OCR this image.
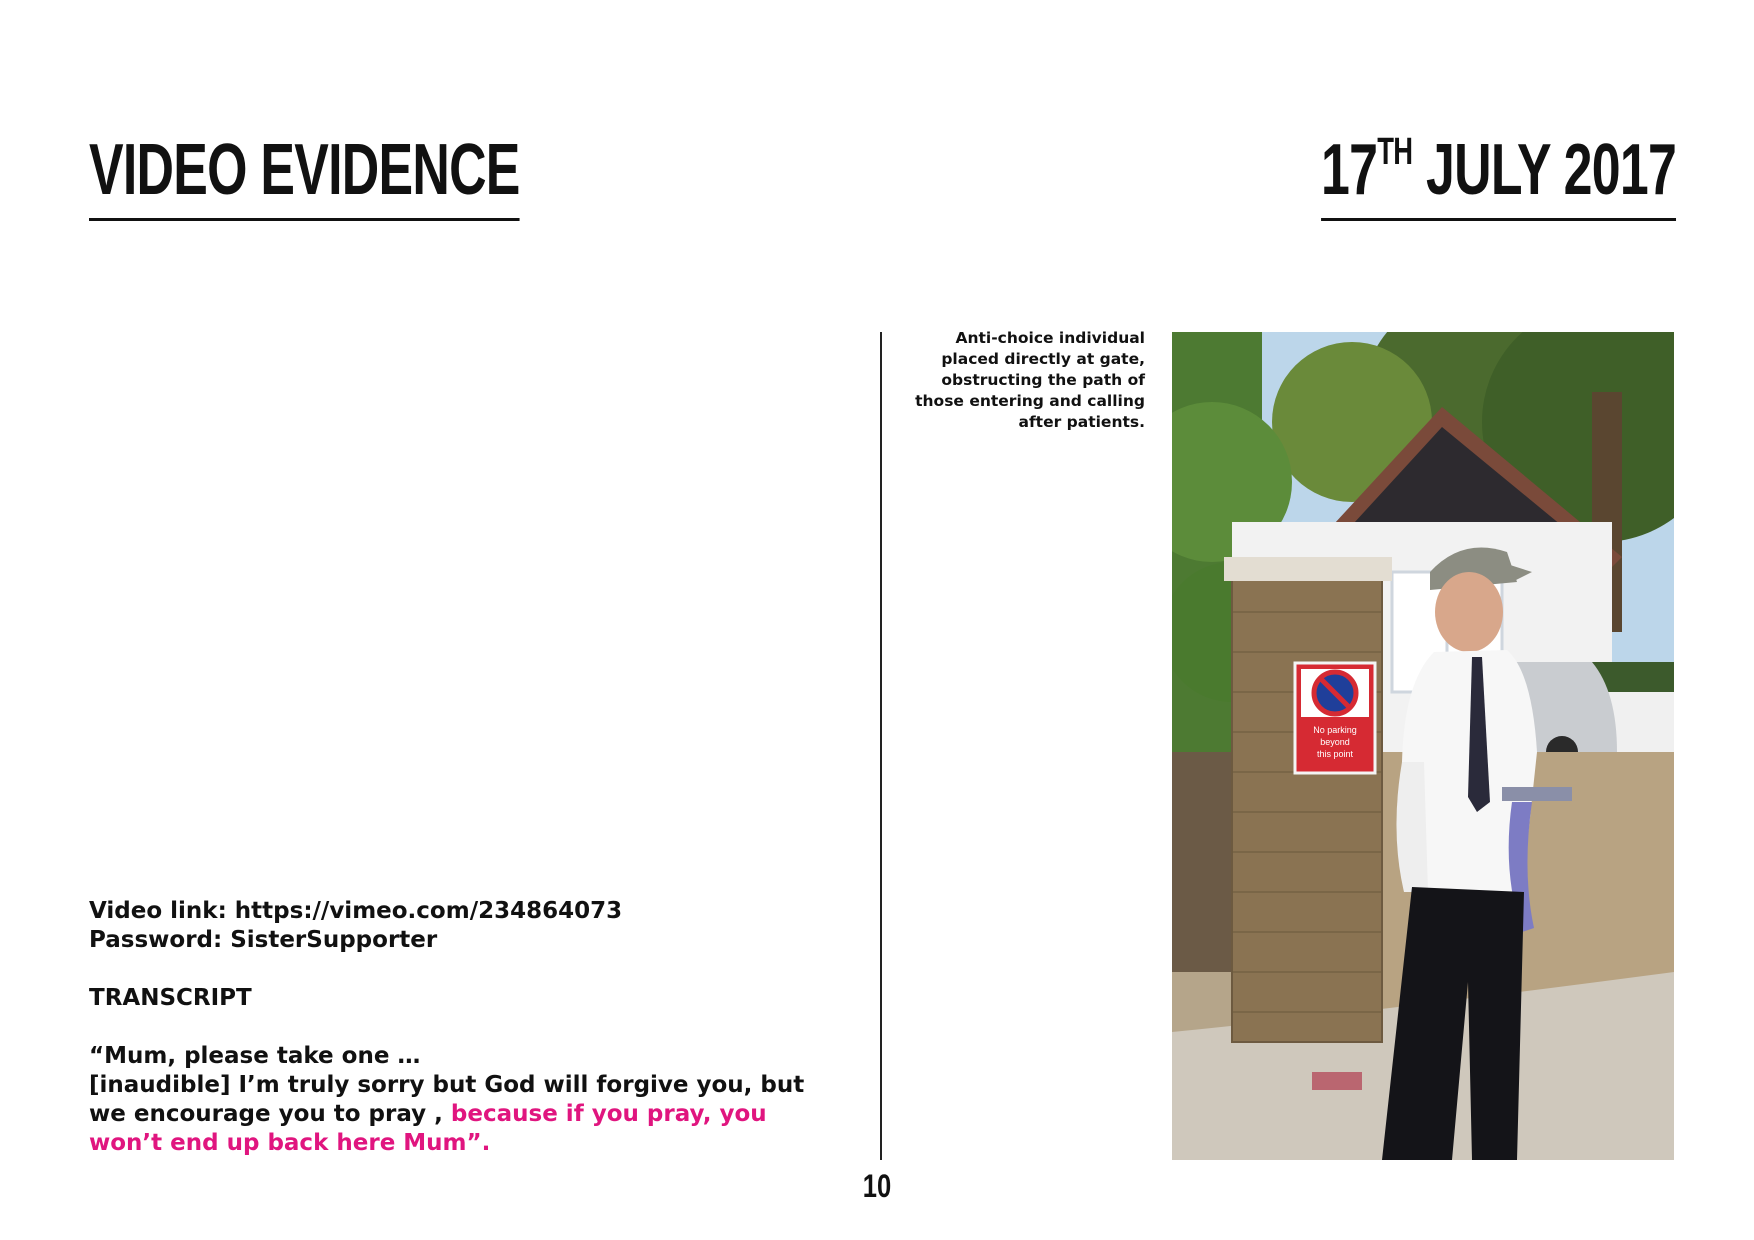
VIDEO EVIDENCE	17TH JULY 2017
Anti-choice individual placed directly at gate, obstructing the path of those entering and calling after patients.
No parking
beyond
this point

Video link: https://vimeo.com/234864073

Password: SisterSupporter

TRANSCRIPT

“Mum, please take one …

[inaudible] I’m truly sorry but God will forgive you, but we encourage you to pray , because if you pray, you won’t end up back here Mum”.

10
